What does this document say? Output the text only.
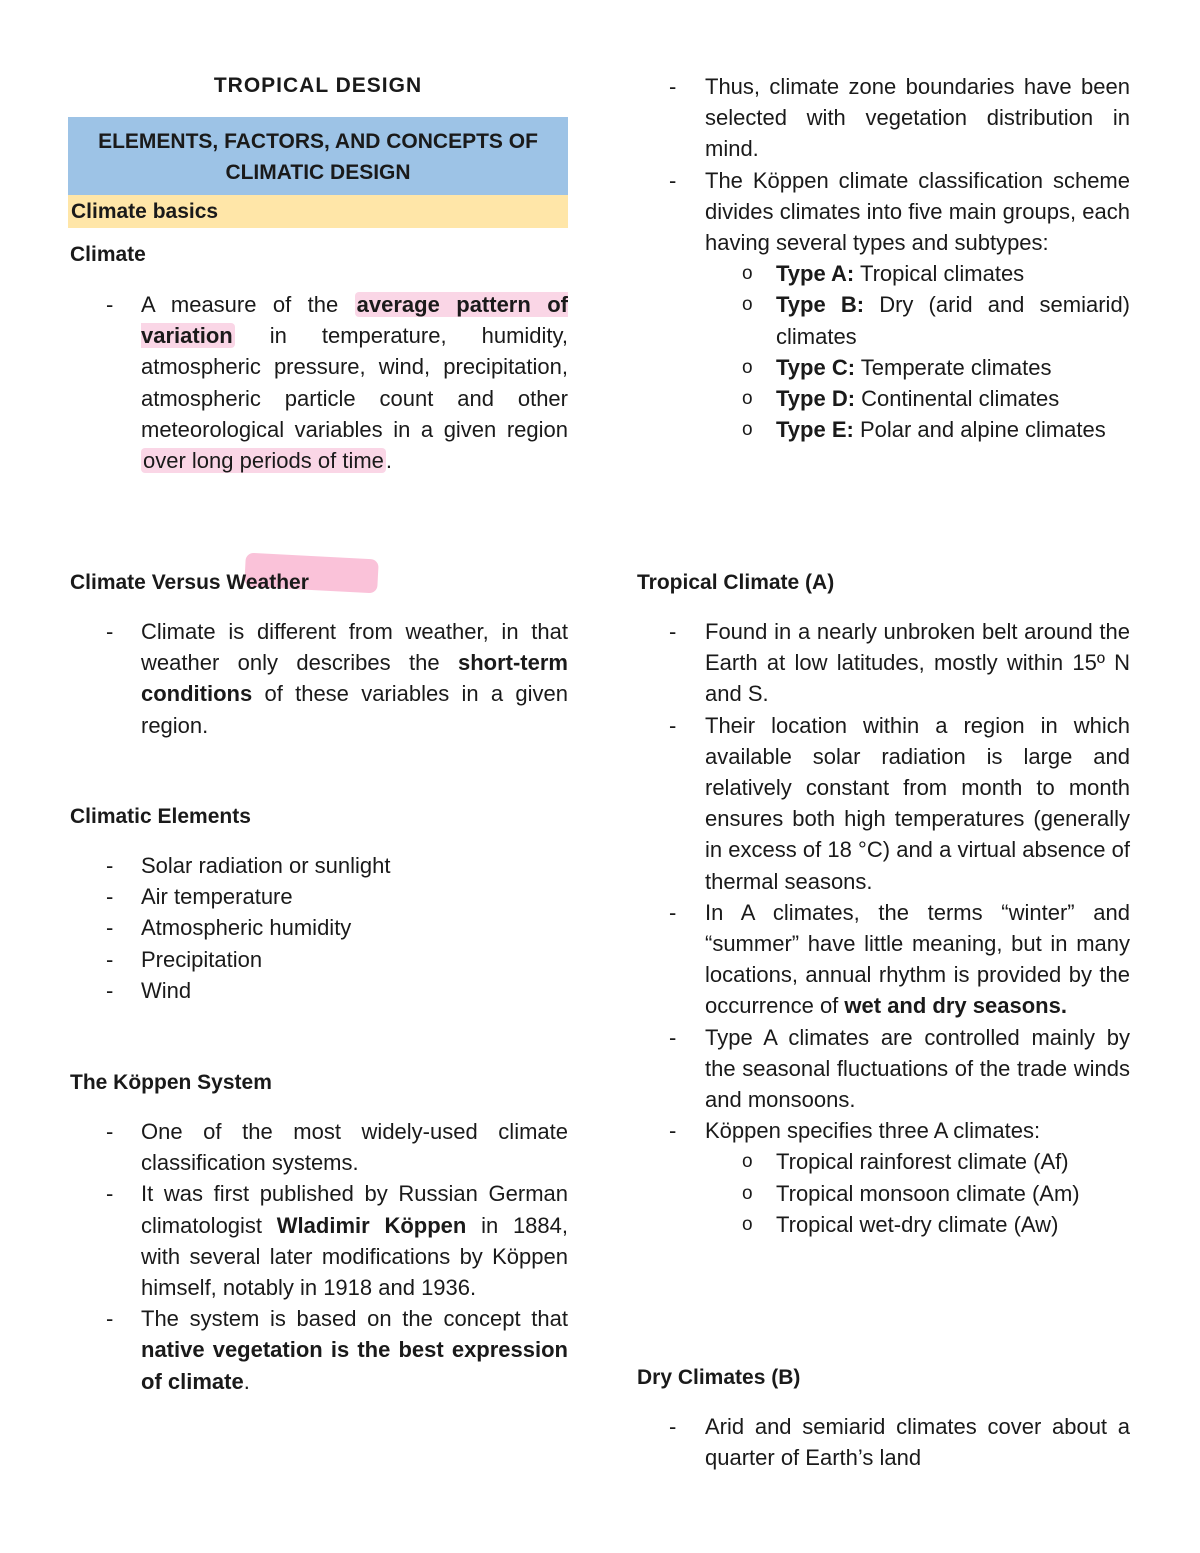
TROPICAL DESIGN
ELEMENTS, FACTORS, AND CONCEPTS OF CLIMATIC DESIGN
Climate basics
Climate
- A measure of the average pattern of variation in temperature, humidity, atmospheric pressure, wind, precipitation, atmospheric particle count and other meteorological variables in a given region over long periods of time.
Climate Versus Weather
- Climate is different from weather, in that weather only describes the short-term conditions of these variables in a given region.
Climatic Elements
- Solar radiation or sunlight
- Air temperature
- Atmospheric humidity
- Precipitation
- Wind
The Köppen System
- One of the most widely-used climate classification systems.
- It was first published by Russian German climatologist Wladimir Köppen in 1884, with several later modifications by Köppen himself, notably in 1918 and 1936.
- The system is based on the concept that native vegetation is the best expression of climate.
- Thus, climate zone boundaries have been selected with vegetation distribution in mind.
- The Köppen climate classification scheme divides climates into five main groups, each having several types and subtypes:
o Type A: Tropical climates
o Type B: Dry (arid and semiarid) climates
o Type C: Temperate climates
o Type D: Continental climates
o Type E: Polar and alpine climates
Tropical Climate (A)
- Found in a nearly unbroken belt around the Earth at low latitudes, mostly within 15º N and S.
- Their location within a region in which available solar radiation is large and relatively constant from month to month ensures both high temperatures (generally in excess of 18 °C) and a virtual absence of thermal seasons.
- In A climates, the terms “winter” and “summer” have little meaning, but in many locations, annual rhythm is provided by the occurrence of wet and dry seasons.
- Type A climates are controlled mainly by the seasonal fluctuations of the trade winds and monsoons.
- Köppen specifies three A climates:
o Tropical rainforest climate (Af)
o Tropical monsoon climate (Am)
o Tropical wet-dry climate (Aw)
Dry Climates (B)
- Arid and semiarid climates cover about a quarter of Earth’s land
